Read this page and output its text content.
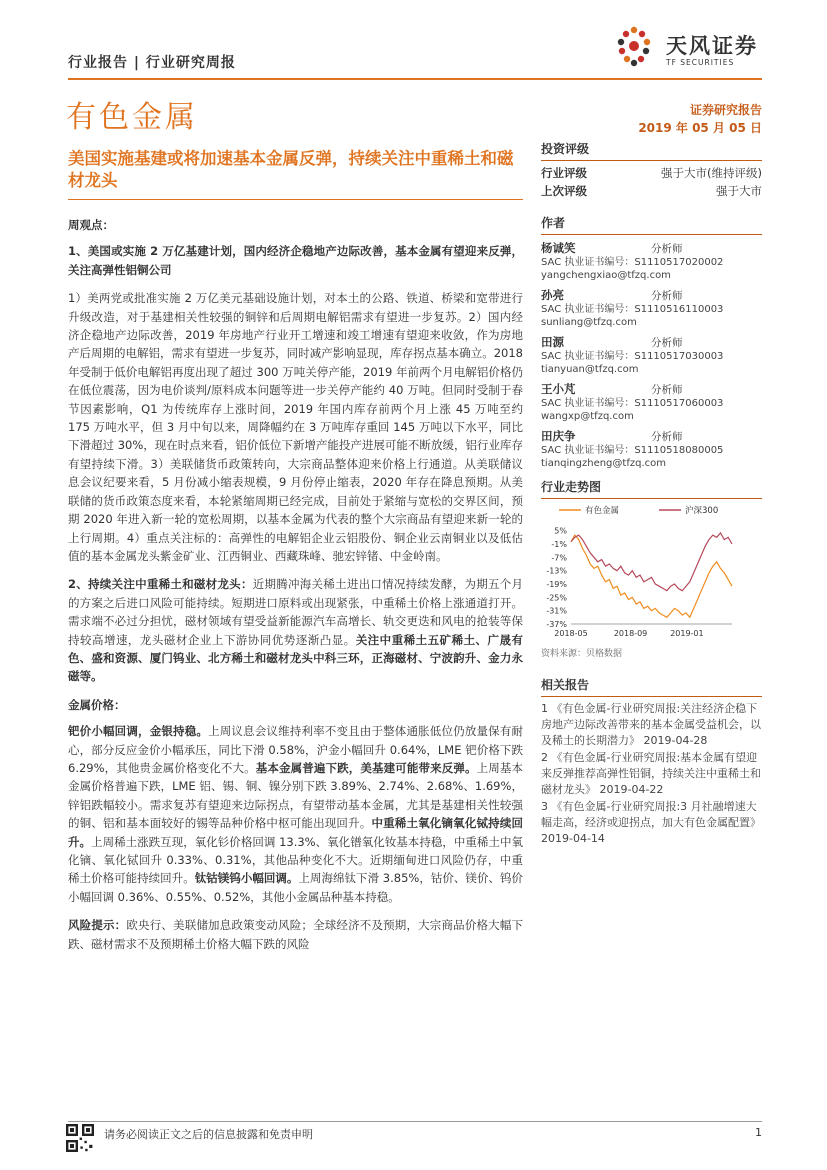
行业报告 | 行业研究周报
天风证券
TF SECURITIES
有色金属	证券研究报告
2019 年 05 月 05 日
美国实施基建或将加速基本金属反弹，持续关注中重稀土和磁材龙头

周观点：

1、美国或实施 2 万亿基建计划，国内经济企稳地产边际改善，基本金属有望迎来反弹，关注高弹性铝铜公司

1）美两党或批准实施 2 万亿美元基础设施计划，对本土的公路、铁道、桥梁和宽带进行升级改造，对于基建相关性较强的铜锌和后周期电解铝需求有望进一步复苏。2）国内经济企稳地产边际改善，2019 年房地产行业开工增速和竣工增速有望迎来收敛，作为房地产后周期的电解铝，需求有望进一步复苏，同时减产影响显现，库存拐点基本确立。2018 年受制于低价电解铝再度出现了超过 300 万吨关停产能，2019 年前两个月电解铝价格仍在低位震荡，因为电价谈判/原料成本问题等进一步关停产能约 40 万吨。但同时受制于春节因素影响，Q1 为传统库存上涨时间，2019 年国内库存前两个月上涨 45 万吨至约 175 万吨水平，但 3 月中旬以来，周降幅约在 3 万吨库存重回 145 万吨以下水平，同比下滑超过 30%，现在时点来看，铝价低位下新增产能投产进展可能不断放缓，铝行业库存有望持续下滑。3）美联储货币政策转向，大宗商品整体迎来价格上行通道。从美联储议息会议纪要来看，5 月份减小缩表规模，9 月份停止缩表，2020 年存在降息预期。从美联储的货币政策态度来看，本轮紧缩周期已经完成，目前处于紧缩与宽松的交界区间，预期 2020 年进入新一轮的宽松周期，以基本金属为代表的整个大宗商品有望迎来新一轮的上行周期。4）重点关注标的：高弹性的电解铝企业云铝股份、铜企业云南铜业以及低估值的基本金属龙头紫金矿业、江西铜业、西藏珠峰、驰宏锌锗、中金岭南。

2、持续关注中重稀土和磁材龙头：近期腾冲海关稀土进出口情况持续发酵，为期五个月的方案之后进口风险可能持续。短期进口原料或出现紧张，中重稀土价格上涨通道打开。需求端不必过分担忧，磁材领域有望受益新能源汽车高增长、轨交更迭和风电的抢装等保持较高增速，龙头磁材企业上下游协同优势逐渐凸显。关注中重稀土五矿稀土、广晟有色、盛和资源、厦门钨业、北方稀土和磁材龙头中科三环，正海磁材、宁波韵升、金力永磁等。

金属价格：

钯价小幅回调，金银持稳。上周议息会议维持利率不变且由于整体通胀低位仍放量保有耐心，部分反应金价小幅承压，同比下滑 0.58%，沪金小幅回升 0.64%，LME 钯价格下跌 6.29%，其他贵金属价格变化不大。基本金属普遍下跌，美基建可能带来反弹。上周基本金属价格普遍下跌，LME 铝、锡、铜、镍分别下跌 3.89%、2.74%、2.68%、1.69%，锌铝跌幅较小。需求复苏有望迎来边际拐点，有望带动基本金属，尤其是基建相关性较强的铜、铝和基本面较好的锡等品种价格中枢可能出现回升。中重稀土氧化镝氧化铽持续回升。上周稀土涨跌互现，氧化钐价格回调 13.3%、氧化镨氧化钕基本持稳，中重稀土中氧化镝、氧化铽回升 0.33%、0.31%，其他品种变化不大。近期缅甸进口风险仍存，中重稀土价格可能持续回升。钛钴镁钨小幅回调。上周海绵钛下滑 3.85%，钴价、镁价、钨价小幅回调 0.36%、0.55%、0.52%，其他小金属品种基本持稳。

风险提示：欧央行、美联储加息政策变动风险；全球经济不及预期，大宗商品价格大幅下跌、磁材需求不及预期稀土价格大幅下跌的风险

投资评级
行业评级	强于大市(维持评级)
上次评级	强于大市
作者
杨诚笑	分析师
SAC 执业证书编号：S1110517020002
yangchengxiao@tfzq.com
孙亮	分析师
SAC 执业证书编号：S1110516110003
sunliang@tfzq.com
田源	分析师
SAC 执业证书编号：S1110517030003
tianyuan@tfzq.com
王小芃	分析师
SAC 执业证书编号：S1110517060003
wangxp@tfzq.com
田庆争	分析师
SAC 执业证书编号：S1110518080005
tianqingzheng@tfzq.com
行业走势图
有色金属	沪深300
5%
-1%
-7%
-13%
-19%
-25%
-31%
-37%
2018-05	2018-09	2019-01
资料来源：贝格数据
相关报告
1 《有色金属-行业研究周报:关注经济企稳下房地产边际改善带来的基本金属受益机会，以及稀土的长期潜力》 2019-04-28
2 《有色金属-行业研究周报:基本金属有望迎来反弹推荐高弹性铝铜，持续关注中重稀土和磁材龙头》 2019-04-22
3 《有色金属-行业研究周报:3 月社融增速大幅走高，经济或迎拐点，加大有色金属配置》 2019-04-14
请务必阅读正文之后的信息披露和免责申明	1
